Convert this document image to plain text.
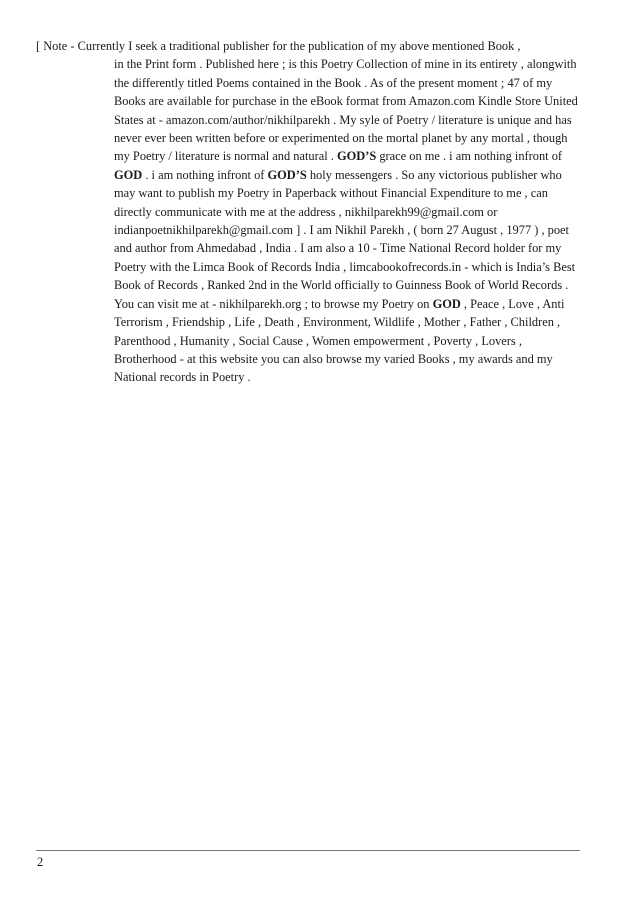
[ Note - Currently I seek a traditional publisher for the publication of my above mentioned Book ,
in the Print form . Published here ; is this Poetry Collection of mine in its entirety , alongwith the differently titled Poems contained in the Book . As of the present moment ; 47 of my Books are available for purchase in the eBook format from Amazon.com Kindle Store United States at - amazon.com/author/nikhilparekh . My syle of Poetry / literature is unique and has never ever been written before or experimented on the mortal planet by any mortal , though my Poetry / literature is normal and natural . GOD’S grace on me . i am nothing infront of GOD . i am nothing infront of GOD’S holy messengers . So any victorious publisher who may want to publish my Poetry in Paperback without Financial Expenditure to me , can directly communicate with me at the address , nikhilparekh99@gmail.com or indianpoetnikhilparekh@gmail.com ] . I am Nikhil Parekh , ( born 27 August , 1977 ) , poet and author from Ahmedabad , India . I am also a 10 - Time National Record holder for my Poetry with the Limca Book of Records India , limcabookofrecords.in - which is India’s Best Book of Records , Ranked 2nd in the World officially to Guinness Book of World Records . You can visit me at - nikhilparekh.org ; to browse my Poetry on GOD , Peace , Love , Anti Terrorism , Friendship , Life , Death , Environment, Wildlife , Mother , Father , Children , Parenthood , Humanity , Social Cause , Women empowerment , Poverty , Lovers , Brotherhood - at this website you can also browse my varied Books , my awards and my National records in Poetry .
2
